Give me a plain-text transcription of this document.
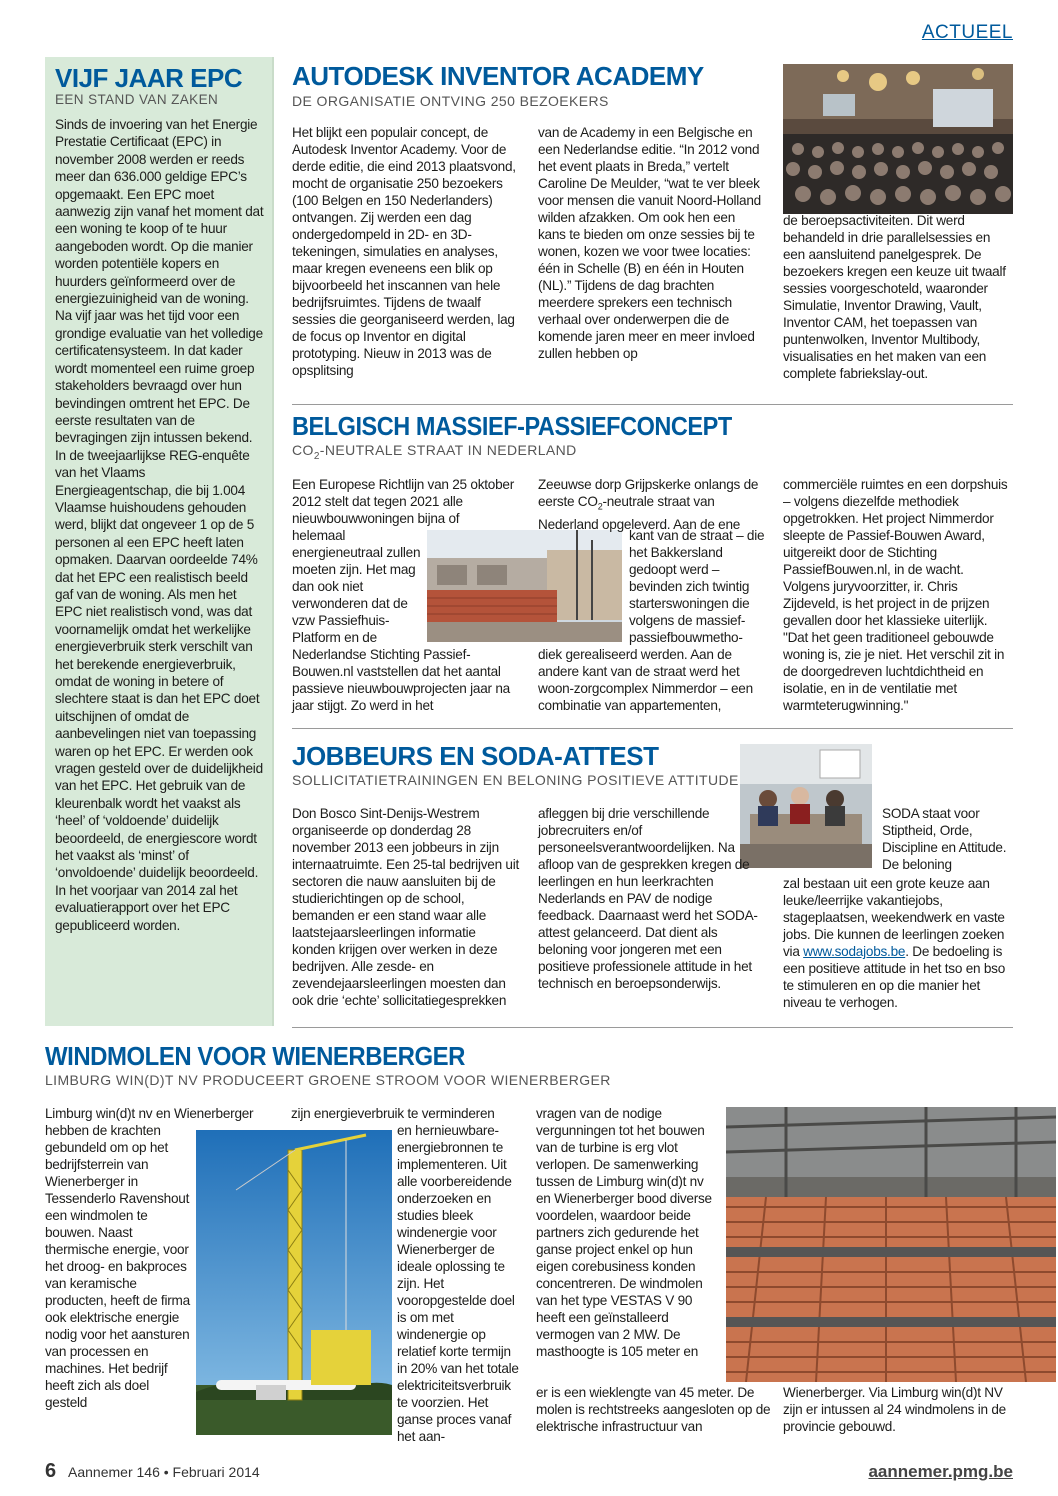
ACTUEEL
VIJF JAAR EPC
EEN STAND VAN ZAKEN

Sinds de invoering van het Energie Prestatie Certificaat (EPC) in november 2008 werden er reeds meer dan 636.000 geldige EPC’s opgemaakt. Een EPC moet aanwezig zijn vanaf het moment dat een woning te koop of te huur aangeboden wordt. Op die manier worden potentiële kopers en huurders geïnformeerd over de energiezuinigheid van de woning. Na vijf jaar was het tijd voor een grondige evaluatie van het volledige certificatensysteem. In dat kader wordt momenteel een ruime groep stakeholders bevraagd over hun bevindingen omtrent het EPC. De eerste resultaten van de bevragingen zijn intussen bekend. In de tweejaarlijkse REG-enquête van het Vlaams Energieagentschap, die bij 1.004 Vlaamse huishoudens gehouden werd, blijkt dat ongeveer 1 op de 5 personen al een EPC heeft laten opmaken. Daarvan oordeelde 74% dat het EPC een realistisch beeld gaf van de woning. Als men het EPC niet realistisch vond, was dat voornamelijk omdat het werkelijke energieverbruik sterk verschilt van het berekende energieverbruik, omdat de woning in betere of slechtere staat is dan het EPC doet uitschijnen of omdat de aanbevelingen niet van toepassing waren op het EPC. Er werden ook vragen gesteld over de duidelijkheid van het EPC. Het gebruik van de kleurenbalk wordt het vaakst als ‘heel’ of ‘voldoende’ duidelijk beoordeeld, de energiescore wordt het vaakst als ‘minst’ of ‘onvoldoende’ duidelijk beoordeeld. In het voorjaar van 2014 zal het evaluatierapport over het EPC gepubliceerd worden.

AUTODESK INVENTOR ACADEMY
DE ORGANISATIE ONTVING 250 BEZOEKERS

Het blijkt een populair concept, de Autodesk Inventor Academy. Voor de derde editie, die eind 2013 plaatsvond, mocht de organisatie 250 bezoekers (100 Belgen en 150 Nederlanders) ontvangen. Zij werden een dag ondergedompeld in 2D- en 3D-tekeningen, simulaties en analyses, maar kregen eveneens een blik op bijvoorbeeld het inscannen van hele bedrijfsruimtes. Tijdens de twaalf sessies die georganiseerd werden, lag de focus op Inventor en digital prototyping. Nieuw in 2013 was de opsplitsing

van de Academy in een Belgische en een Nederlandse editie. “In 2012 vond het event plaats in Breda,” vertelt Caroline De Meulder, “wat te ver bleek voor mensen die vanuit Noord-Holland wilden afzakken. Om ook hen een kans te bieden om onze sessies bij te wonen, kozen we voor twee locaties: één in Schelle (B) en één in Houten (NL).” Tijdens de dag brachten meerdere sprekers een technisch verhaal over onderwerpen die de komende jaren meer en meer invloed zullen hebben op

de beroepsactiviteiten. Dit werd behandeld in drie parallelsessies en een aansluitend panelgesprek. De bezoekers kregen een keuze uit twaalf sessies voorgeschoteld, waaronder Simulatie, Inventor Drawing, Vault, Inventor CAM, het toepassen van puntenwolken, Inventor Multibody, visualisaties en het maken van een complete fabriekslay-out.

BELGISCH MASSIEF-PASSIEFCONCEPT
$CO_2$-NEUTRALE STRAAT IN NEDERLAND

Een Europese Richtlijn van 25 oktober 2012 stelt dat tegen 2021 alle nieuwbouwwoningen bijna of

helemaal energieneutraal zullen moeten zijn. Het mag dan ook niet verwonderen dat de vzw Passiefhuis-Platform en de

Nederlandse Stichting Passief-Bouwen.nl vaststellen dat het aantal passieve nieuwbouwprojecten jaar na jaar stijgt. Zo werd in het

Zeeuwse dorp Grijpskerke onlangs de eerste $CO_2$-neutrale straat van Nederland opgeleverd. Aan de ene

kant van de straat – die het Bakkersland gedoopt werd – bevinden zich twintig starterswoningen die volgens de massief-passiefbouwmetho-

diek gerealiseerd werden. Aan de andere kant van de straat werd het woon-zorgcomplex Nimmerdor – een combinatie van appartementen,

commerciële ruimtes en een dorpshuis – volgens diezelfde methodiek opgetrokken. Het project Nimmerdor sleepte de Passief-Bouwen Award, uitgereikt door de Stichting PassiefBouwen.nl, in de wacht. Volgens juryvoorzitter, ir. Chris Zijdeveld, is het project in de prijzen gevallen door het klassieke uiterlijk. "Dat het geen traditioneel gebouwde woning is, zie je niet. Het verschil zit in de doorgedreven luchtdichtheid en isolatie, en in de ventilatie met warmteterugwinning."

JOBBEURS EN SODA-ATTEST
SOLLICITATIETRAININGEN EN BELONING POSITIEVE ATTITUDE

Don Bosco Sint-Denijs-Westrem organiseerde op donderdag 28 november 2013 een jobbeurs in zijn internaatruimte. Een 25-tal bedrijven uit sectoren die nauw aansluiten bij de studierichtingen op de school, bemanden er een stand waar alle laatstejaarsleerlingen informatie konden krijgen over werken in deze bedrijven. Alle zesde- en zevendejaarsleerlingen moesten dan ook drie ‘echte’ sollicitatiegesprekken

afleggen bij drie verschillende jobrecruiters en/of personeelsverantwoordelijken. Na afloop van de gesprekken kregen de leerlingen en hun leerkrachten Nederlands en PAV de nodige feedback. Daarnaast werd het SODA-attest gelanceerd. Dat dient als beloning voor jongeren met een positieve professionele attitude in het technisch en beroepsonderwijs.

SODA staat voor Stiptheid, Orde, Discipline en Attitude. De beloning

zal bestaan uit een grote keuze aan leuke/leerrijke vakantiejobs, stageplaatsen, weekendwerk en vaste jobs. Die kunnen de leerlingen zoeken via www.sodajobs.be. De bedoeling is een positieve attitude in het tso en bso te stimuleren en op die manier het niveau te verhogen.

WINDMOLEN VOOR WIENERBERGER
LIMBURG WIN(D)T NV PRODUCEERT GROENE STROOM VOOR WIENERBERGER

Limburg win(d)t nv en Wienerberger

hebben de krachten gebundeld om op het bedrijfsterrein van Wienerberger in Tessenderlo Ravenshout een windmolen te bouwen. Naast thermische energie, voor het droog- en bakproces van keramische producten, heeft de firma ook elektrische energie nodig voor het aansturen van processen en machines. Het bedrijf heeft zich als doel gesteld

zijn energieverbruik te verminderen

en hernieuwbare-energiebronnen te implementeren. Uit alle voorbereidende onderzoeken en studies bleek windenergie voor Wienerberger de ideale oplossing te zijn. Het vooropgestelde doel is om met windenergie op relatief korte termijn in 20% van het totale elektriciteitsverbruik te voorzien. Het ganse proces vanaf het aan-

vragen van de nodige vergunningen tot het bouwen van de turbine is erg vlot verlopen. De samenwerking tussen de Limburg win(d)t nv en Wienerberger bood diverse voordelen, waardoor beide partners zich gedurende het ganse project enkel op hun eigen corebusiness konden concentreren. De windmolen van het type VESTAS V 90 heeft een geïnstalleerd vermogen van 2 MW. De masthoogte is 105 meter en

er is een wieklengte van 45 meter. De molen is rechtstreeks aangesloten op de elektrische infrastructuur van

Wienerberger. Via Limburg win(d)t NV zijn er intussen al 24 windmolens in de provincie gebouwd.

6 Aannemer 146 • Februari 2014	aannemer.pmg.be
